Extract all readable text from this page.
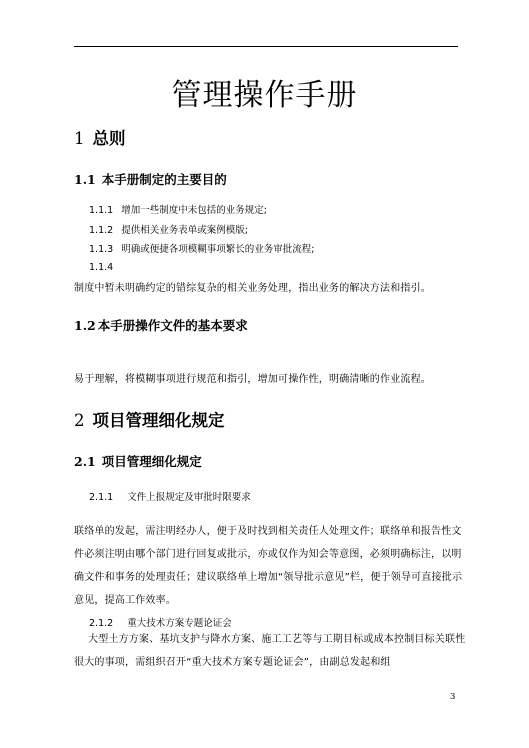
管理操作手册
1 总则
1.1 本手册制定的主要目的
1.1.1 增加一些制度中未包括的业务规定;
1.1.2 提供相关业务表单或案例模版;
1.1.3 明确或便捷各项模糊事项繁长的业务审批流程;
1.1.4
制度中暂未明确约定的错综复杂的相关业务处理，指出业务的解决方法和指引。
1.2 本手册操作文件的基本要求
易于理解，将模糊事项进行规范和指引，增加可操作性，明确清晰的作业流程。
2 项目管理细化规定
2.1 项目管理细化规定
2.1.1 文件上报规定及审批时限要求
联络单的发起，需注明经办人，便于及时找到相关责任人处理文件；联络单和报告性文件必须注明由哪个部门进行回复或批示，亦或仅作为知会等意图，必须明确标注，以明确文件和事务的处理责任；建议联络单上增加“领导批示意见”栏，便于领导可直接批示意见，提高工作效率。
2.1.2 重大技术方案专题论证会
大型土方方案、基坑支护与降水方案、施工工艺等与工期目标或成本控制目标关联性很大的事项，需组织召开“重大技术方案专题论证会”，由副总发起和组
3
